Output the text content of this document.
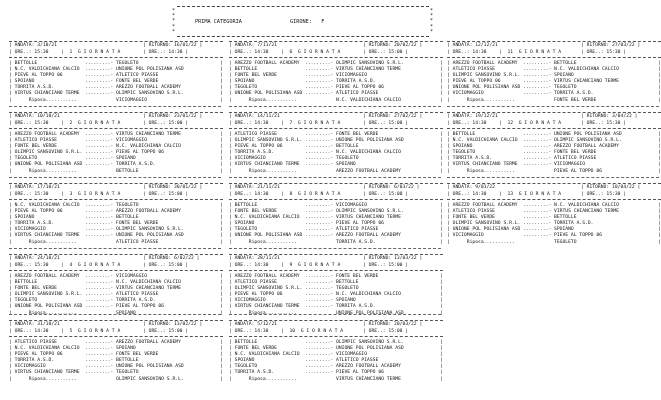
*
*
*
*
*
PRIMA CATEGORIA	GIRONE: F
*
*
*
*
*
| ANDATA: 3/10/21	| RITORNO: 16/01/22 |
| ORE..: 15:30	|  1  G I O R N A T A	| ORE..: 14:30 |
| BETTOLLE	.........- TEGOLETO	|
| N.C. VALDICHIANA CALCIO .........- UNIONE POL POLISIANA ASD	|
| PIEVE AL TOPPO 06	.........- ATLETICO PIASSE	|
| SPOIANO	.........- FONTE BEL VERDE	|
| TORRITA A.S.D.	.........- AREZZO FOOTBALL ACADEMY	|
| VIRTUS CHIANCIANO TERME .........- OLIMPIC SANSOVINO S.R.L.	|
|      Riposa...........	VICIOMAGGIO	|
| ANDATA: 10/10/21	| RITORNO: 23/01/22 |
| ORE..: 15:30	|  2  G I O R N A T A	| ORE..: 15:00 |
| AREZZO FOOTBALL ACADEMY .........- VIRTUS CHIANCIANO TERME	|
| ATLETICO PIASSE	.........- VICIOMAGGIO	|
| FONTE BEL VERDE	.........- N.C. VALDICHIANA CALCIO	|
| OLIMPIC SANSOVINO S.R.L. .........- PIEVE AL TOPPO 06	|
| TEGOLETO	.........- SPOIANO	|
| UNIONE POL POLISIANA ASD .........- TORRITA A.S.D.	|
|      Riposa...........	BETTOLLE	|
| ANDATA: 17/10/21	| RITORNO: 30/01/22 |
| ORE..: 15:30	|  3  G I O R N A T A	| ORE..: 15:00 |
| N.C. VALDICHIANA CALCIO .........- TEGOLETO	|
| PIEVE AL TOPPO 06	.........- AREZZO FOOTBALL ACADEMY	|
| SPOIANO	.........- BETTOLLE	|
| TORRITA A.S.D.	.........- FONTE BEL VERDE	|
| VICIOMAGGIO	.........- OLIMPIC SANSOVINO S.R.L.	|
| VIRTUS CHIANCIANO TERME .........- UNIONE POL POLISIANA ASD	|
|      Riposa...........	ATLETICO PIASSE	|
| ANDATA: 24/10/21	| RITORNO: 6/02/22 |
| ORE..: 15:30	|  4  G I O R N A T A	| ORE..: 15:00 |
| AREZZO FOOTBALL ACADEMY .........- VICIOMAGGIO	|
| BETTOLLE	.........- N.C. VALDICHIANA CALCIO	|
| FONTE BEL VERDE	.........- VIRTUS CHIANCIANO TERME	|
| OLIMPIC SANSOVINO S.R.L. .........- ATLETICO PIASSE	|
| TEGOLETO	.........- TORRITA A.S.D.	|
| UNIONE POL POLISIANA ASD .........- PIEVE AL TOPPO 06	|
|      Riposa...........	SPOIANO	|
| ANDATA: 31/10/21	| RITORNO: 13/02/22 |
| ORE..: 14:30	|  5  G I O R N A T A	| ORE..: 15:00 |
| ATLETICO PIASSE	.........- AREZZO FOOTBALL ACADEMY	|
| N.C. VALDICHIANA CALCIO .........- SPOIANO	|
| PIEVE AL TOPPO 06	.........- FONTE BEL VERDE	|
| TORRITA A.S.D.	.........- BETTOLLE	|
| VICIOMAGGIO	.........- UNIONE POL POLISIANA ASD	|
| VIRTUS CHIANCIANO TERME .........- TEGOLETO	|
|      Riposa...........	OLIMPIC SANSOVINO S.R.L.	|
| ANDATA: 7/11/21	| RITORNO: 20/02/22 |
| ORE..: 14:30	|  6  G I O R N A T A	| ORE..: 15:00 |
| AREZZO FOOTBALL ACADEMY .........- OLIMPIC SANSOVINO S.R.L.	|
| BETTOLLE	.........- VIRTUS CHIANCIANO TERME	|
| FONTE BEL VERDE	.........- VICIOMAGGIO	|
| SPOIANO	.........- TORRITA A.S.D.	|
| TEGOLETO	.........- PIEVE AL TOPPO 06	|
| UNIONE POL POLISIANA ASD .........- ATLETICO PIASSE	|
|      Riposa...........	N.C. VALDICHIANA CALCIO	|
| ANDATA: 14/11/21	| RITORNO: 27/02/22 |
| ORE..: 14:30	|  7  G I O R N A T A	| ORE..: 15:00 |
| ATLETICO PIASSE	.........- FONTE BEL VERDE	|
| OLIMPIC SANSOVINO S.R.L. .........- UNIONE POL POLISIANA ASD	|
| PIEVE AL TOPPO 06	.........- BETTOLLE	|
| TORRITA A.S.D.	.........- N.C. VALDICHIANA CALCIO	|
| VICIOMAGGIO	.........- TEGOLETO	|
| VIRTUS CHIANCIANO TERME .........- SPOIANO	|
|      Riposa...........	AREZZO FOOTBALL ACADEMY	|
| ANDATA: 21/11/21	| RITORNO: 6/03/22 |
| ORE..: 14:30	|  8  G I O R N A T A	| ORE..: 15:00 |
| BETTOLLE	.........- VICIOMAGGIO	|
| FONTE BEL VERDE	.........- OLIMPIC SANSOVINO S.R.L.	|
| N.C. VALDICHIANA CALCIO .........- VIRTUS CHIANCIANO TERME	|
| SPOIANO	.........- PIEVE AL TOPPO 06	|
| TEGOLETO	.........- ATLETICO PIASSE	|
| UNIONE POL POLISIANA ASD .........- AREZZO FOOTBALL ACADEMY	|
|      Riposa...........	TORRITA A.S.D.	|
| ANDATA: 28/11/21	| RITORNO: 13/03/22 |
| ORE..: 14:30	|  9  G I O R N A T A	| ORE..: 15:00 |
| AREZZO FOOTBALL ACADEMY .........- FONTE BEL VERDE	|
| ATLETICO PIASSE	.........- BETTOLLE	|
| OLIMPIC SANSOVINO S.R.L. .........- TEGOLETO	|
| PIEVE AL TOPPO 06	.........- N.C. VALDICHIANA CALCIO	|
| VICIOMAGGIO	.........- SPOIANO	|
| VIRTUS CHIANCIANO TERME .........- TORRITA A.S.D.	|
|      Riposa...........	UNIONE POL POLISIANA ASD	|
| ANDATA: 5/12/21	| RITORNO: 20/03/22 |
| ORE..: 14:30	|  10  G I O R N A T A	| ORE..: 15:00 |
| BETTOLLE	.........- OLIMPIC SANSOVINO S.R.L.	|
| FONTE BEL VERDE	.........- UNIONE POL POLISIANA ASD	|
| N.C. VALDICHIANA CALCIO .........- VICIOMAGGIO	|
| SPOIANO	.........- ATLETICO PIASSE	|
| TEGOLETO	.........- AREZZO FOOTBALL ACADEMY	|
| TORRITA A.S.D.	.........- PIEVE AL TOPPO 06	|
|      Riposa...........	VIRTUS CHIANCIANO TERME	|
| ANDATA: 12/12/21	| RITORNO: 27/03/22 |
| ORE..: 14:30	|  11  G I O R N A T A	| ORE..: 15:30 |
| AREZZO FOOTBALL ACADEMY .........- BETTOLLE	|
| ATLETICO PIASSE	.........- N.C. VALDICHIANA CALCIO	|
| OLIMPIC SANSOVINO S.R.L. .........- SPOIANO	|
| PIEVE AL TOPPO 06	.........- VIRTUS CHIANCIANO TERME	|
| UNIONE POL POLISIANA ASD .........- TEGOLETO	|
| VICIOMAGGIO	.........- TORRITA A.S.D.	|
|      Riposa...........	FONTE BEL VERDE	|
| ANDATA: 19/12/21	| RITORNO: 3/04/22 |
| ORE..: 14:30	|  12  G I O R N A T A	| ORE..: 15:30 |
| BETTOLLE	.........- UNIONE POL POLISIANA ASD	|
| N.C. VALDICHIANA CALCIO .........- OLIMPIC SANSOVINO S.R.L.	|
| SPOIANO	.........- AREZZO FOOTBALL ACADEMY	|
| TEGOLETO	.........- FONTE BEL VERDE	|
| TORRITA A.S.D.	.........- ATLETICO PIASSE	|
| VIRTUS CHIANCIANO TERME .........- VICIOMAGGIO	|
|      Riposa...........	PIEVE AL TOPPO 06	|
| ANDATA: 9/01/22	| RITORNO: 10/04/22 |
| ORE..: 14:30	|  13  G I O R N A T A	| ORE..: 15:30 |
| AREZZO FOOTBALL ACADEMY .........- N.C. VALDICHIANA CALCIO	|
| ATLETICO PIASSE	.........- VIRTUS CHIANCIANO TERME	|
| FONTE BEL VERDE	.........- BETTOLLE	|
| OLIMPIC SANSOVINO S.R.L. .........- TORRITA A.S.D.	|
| UNIONE POL POLISIANA ASD .........- SPOIANO	|
| VICIOMAGGIO	.........- PIEVE AL TOPPO 06	|
|      Riposa...........	TEGOLETO	|
